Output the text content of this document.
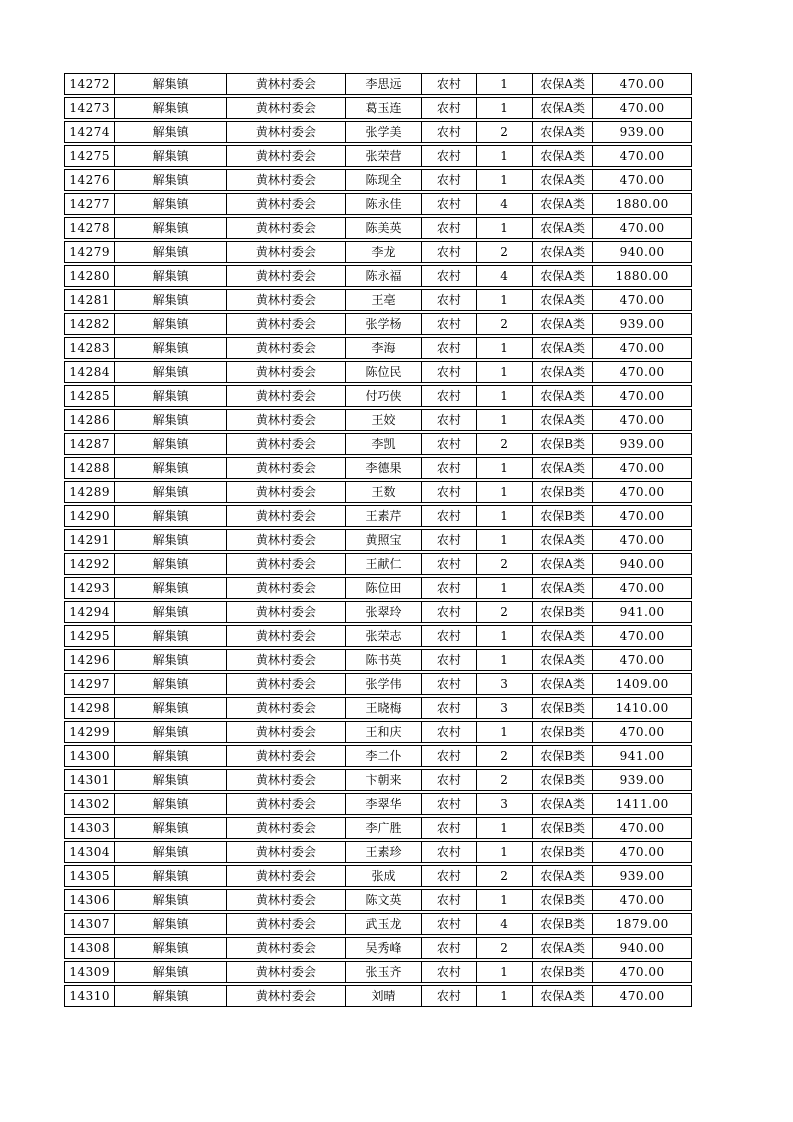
14272	解集镇	黄林村委会	李思远	农村	1	农保A类	470.00
14273	解集镇	黄林村委会	葛玉连	农村	1	农保A类	470.00
14274	解集镇	黄林村委会	张学美	农村	2	农保A类	939.00
14275	解集镇	黄林村委会	张荣营	农村	1	农保A类	470.00
14276	解集镇	黄林村委会	陈现全	农村	1	农保A类	470.00
14277	解集镇	黄林村委会	陈永佳	农村	4	农保A类	1880.00
14278	解集镇	黄林村委会	陈美英	农村	1	农保A类	470.00
14279	解集镇	黄林村委会	李龙	农村	2	农保A类	940.00
14280	解集镇	黄林村委会	陈永福	农村	4	农保A类	1880.00
14281	解集镇	黄林村委会	王亳	农村	1	农保A类	470.00
14282	解集镇	黄林村委会	张学杨	农村	2	农保A类	939.00
14283	解集镇	黄林村委会	李海	农村	1	农保A类	470.00
14284	解集镇	黄林村委会	陈位民	农村	1	农保A类	470.00
14285	解集镇	黄林村委会	付巧侠	农村	1	农保A类	470.00
14286	解集镇	黄林村委会	王姣	农村	1	农保A类	470.00
14287	解集镇	黄林村委会	李凯	农村	2	农保B类	939.00
14288	解集镇	黄林村委会	李德果	农村	1	农保A类	470.00
14289	解集镇	黄林村委会	王数	农村	1	农保B类	470.00
14290	解集镇	黄林村委会	王素芹	农村	1	农保B类	470.00
14291	解集镇	黄林村委会	黄照宝	农村	1	农保A类	470.00
14292	解集镇	黄林村委会	王献仁	农村	2	农保A类	940.00
14293	解集镇	黄林村委会	陈位田	农村	1	农保A类	470.00
14294	解集镇	黄林村委会	张翠玲	农村	2	农保B类	941.00
14295	解集镇	黄林村委会	张荣志	农村	1	农保A类	470.00
14296	解集镇	黄林村委会	陈书英	农村	1	农保A类	470.00
14297	解集镇	黄林村委会	张学伟	农村	3	农保A类	1409.00
14298	解集镇	黄林村委会	王晓梅	农村	3	农保B类	1410.00
14299	解集镇	黄林村委会	王和庆	农村	1	农保B类	470.00
14300	解集镇	黄林村委会	李二仆	农村	2	农保B类	941.00
14301	解集镇	黄林村委会	卞朝来	农村	2	农保B类	939.00
14302	解集镇	黄林村委会	李翠华	农村	3	农保A类	1411.00
14303	解集镇	黄林村委会	李广胜	农村	1	农保B类	470.00
14304	解集镇	黄林村委会	王素珍	农村	1	农保B类	470.00
14305	解集镇	黄林村委会	张成	农村	2	农保A类	939.00
14306	解集镇	黄林村委会	陈文英	农村	1	农保B类	470.00
14307	解集镇	黄林村委会	武玉龙	农村	4	农保B类	1879.00
14308	解集镇	黄林村委会	吴秀峰	农村	2	农保A类	940.00
14309	解集镇	黄林村委会	张玉齐	农村	1	农保B类	470.00
14310	解集镇	黄林村委会	刘晴	农村	1	农保A类	470.00
